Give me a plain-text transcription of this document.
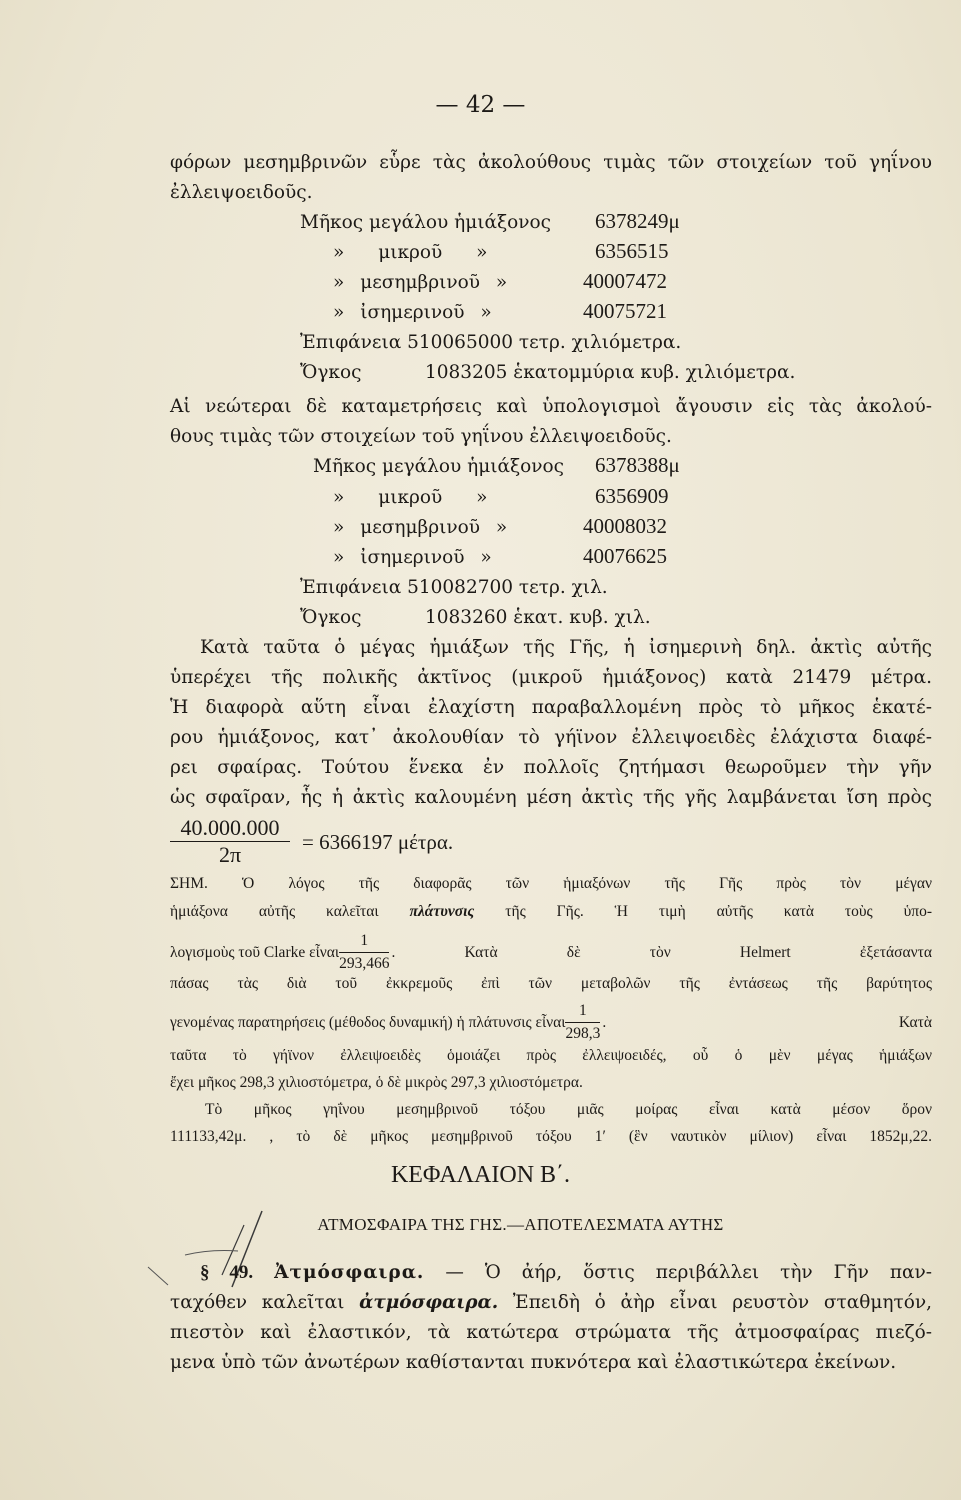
— 42 —
φόρων μεσημβρινῶν εὗρε τὰς ἀκολούθους τιμὰς τῶν στοιχείων τοῦ γηΐνου
ἐλλειψοειδοῦς.
Μῆκος μεγάλου ἡμιάξονος 6378249μ
» μικροῦ »	6356515
» μεσημβρινοῦ »	40007472
» ἰσημερινοῦ »	40075721
Ἐπιφάνεια 510065000 τετρ. χιλιόμετρα.
Ὄγκος	1083205 ἑκατομμύρια κυβ. χιλιόμετρα.
Αἱ νεώτεραι δὲ καταμετρήσεις καὶ ὑπολογισμοὶ ἄγουσιν εἰς τὰς ἀκολού-
θους τιμὰς τῶν στοιχείων τοῦ γηΐνου ἐλλειψοειδοῦς.
Μῆκος μεγάλου ἡμιάξονος 6378388μ
» μικροῦ »	6356909
» μεσημβρινοῦ »	40008032
» ἰσημερινοῦ »	40076625
Ἐπιφάνεια 510082700 τετρ. χιλ.
Ὄγκος	1083260 ἑκατ. κυβ. χιλ.
Κατὰ ταῦτα ὁ μέγας ἡμιάξων τῆς Γῆς, ἡ ἰσημερινὴ δηλ. ἀκτὶς αὐτῆς
ὑπερέχει τῆς πολικῆς ἀκτῖνος (μικροῦ ἡμιάξονος) κατὰ 21479 μέτρα.
Ἡ διαφορὰ αὕτη εἶναι ἐλαχίστη παραβαλλομένη πρὸς τὸ μῆκος ἑκατέ-
ρου ἡμιάξονος, κατ᾽ ἀκολουθίαν τὸ γήϊνον ἐλλειψοειδὲς ἐλάχιστα διαφέ-
ρει σφαίρας. Τούτου ἕνεκα ἐν πολλοῖς ζητήμασι θεωροῦμεν τὴν γῆν
ὡς σφαῖραν, ἧς ἡ ἀκτὶς καλουμένη μέση ἀκτὶς τῆς γῆς λαμβάνεται ἴση πρὸς
$\frac{40.000.000}{2\pi} = 6366197$ μέτρα.
ΣΗΜ. Ὁ λόγος τῆς διαφορᾶς τῶν ἡμιαξόνων τῆς Γῆς πρὸς τὸν μέγαν
ἡμιάξονα αὐτῆς καλεῖται πλάτυνσις τῆς Γῆς. Ἡ τιμὴ αὐτῆς κατὰ τοὺς ὑπο-
λογισμοὺς τοῦ Clarke εἶναι $\frac{1}{293,466}$ . Κατὰ δὲ τὸν Helmert ἐξετάσαντα
πάσας τὰς διὰ τοῦ ἐκκρεμοῦς ἐπὶ τῶν μεταβολῶν τῆς ἐντάσεως τῆς βαρύτητος
γενομένας παρατηρήσεις (μέθοδος δυναμική) ἡ πλάτυνσις εἶναι $\frac{1}{298,3}$ . Κατὰ
ταῦτα τὸ γήϊνον ἐλλειψοειδὲς ὁμοιάζει πρὸς ἐλλειψοειδές, οὗ ὁ μὲν μέγας ἡμιάξων
ἔχει μῆκος 298,3 χιλιοστόμετρα, ὁ δὲ μικρὸς 297,3 χιλιοστόμετρα.
Τὸ μῆκος γηΐνου μεσημβρινοῦ τόξου μιᾶς μοίρας εἶναι κατὰ μέσον ὅρον
111133,42μ. , τὸ δὲ μῆκος μεσημβρινοῦ τόξου 1′ (ἓν ναυτικὸν μίλιον) εἶναι 1852μ,22.
ΚΕΦΑΛΑΙΟΝ Β΄.
ΑΤΜΟΣΦΑΙΡΑ ΤΗΣ ΓΗΣ.—ΑΠΟΤΕΛΕΣΜΑΤΑ ΑΥΤΗΣ
§ 49. Ἀτμόσφαιρα. — Ὁ ἀήρ, ὅστις περιβάλλει τὴν Γῆν παν-
ταχόθεν καλεῖται ἀτμόσφαιρα. Ἐπειδὴ ὁ ἀὴρ εἶναι ρευστὸν σταθμητόν,
πιεστὸν καὶ ἐλαστικόν, τὰ κατώτερα στρώματα τῆς ἀτμοσφαίρας πιεζό-
μενα ὑπὸ τῶν ἀνωτέρων καθίστανται πυκνότερα καὶ ἐλαστικώτερα ἐκείνων.
